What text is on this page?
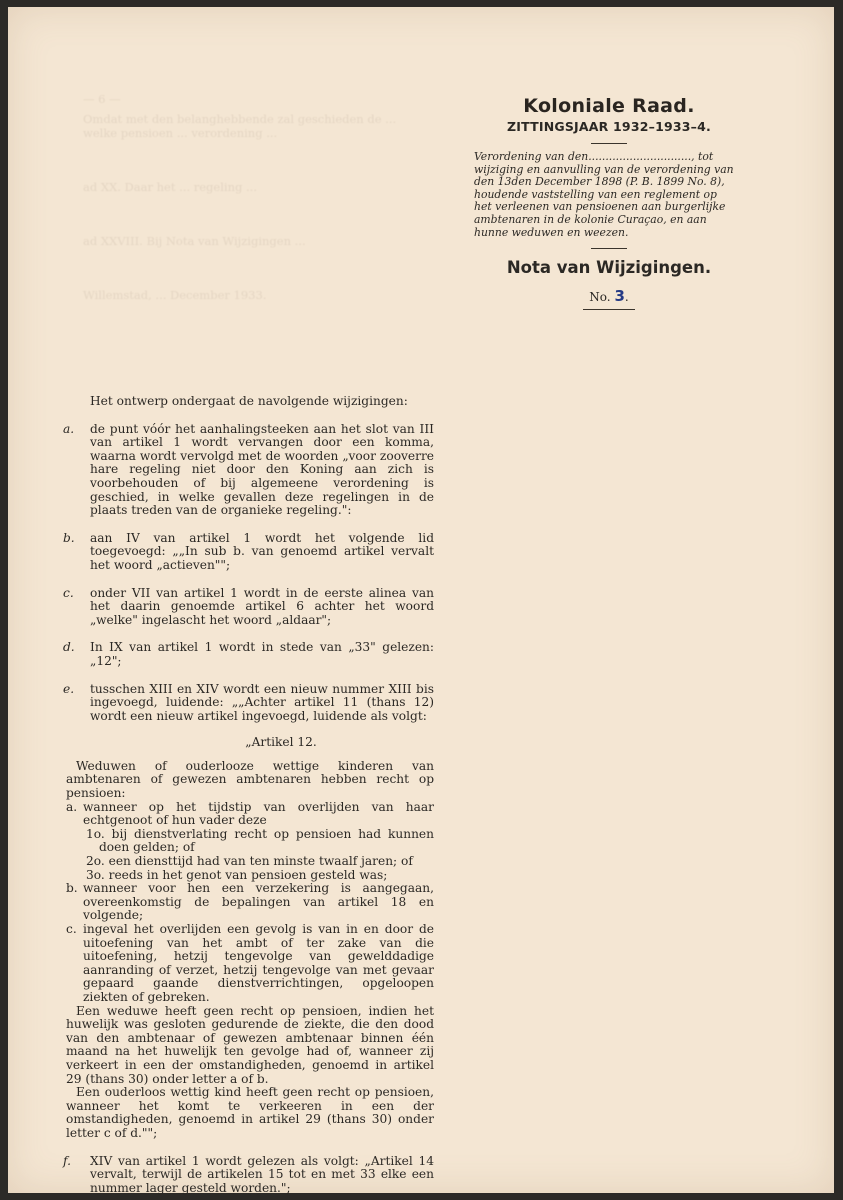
— 6 —

Omdat met den belanghebbende zal geschieden de ...

welke pensioen ... verordening ...

ad XX. Daar het ... regeling ...

ad XXVIII. Bij Nota van Wijzigingen ...

Willemstad, ... December 1933.

Koloniale Raad.
ZITTINGSJAAR 1932–1933–4.
Verordening van den.............................., tot wijziging en aanvulling van de verordening van den 13den December 1898 (P. B. 1899 No. 8), houdende vaststelling van een reglement op het verleenen van pensioenen aan burgerlijke ambtenaren in de kolonie Curaçao, en aan hunne weduwen en weezen.
Nota van Wijzigingen.
No. 3.
Het ontwerp ondergaat de navolgende wijzigingen:
a. de punt vóór het aanhalingsteeken aan het slot van III van artikel 1 wordt vervangen door een komma, waarna wordt vervolgd met de woorden „voor zooverre hare regeling niet door den Koning aan zich is voorbehouden of bij algemeene verordening is geschied, in welke gevallen deze regelingen in de plaats treden van de organieke regeling.":

b. aan IV van artikel 1 wordt het volgende lid toegevoegd: „„In sub b. van genoemd artikel vervalt het woord „actieven"";

c. onder VII van artikel 1 wordt in de eerste alinea van het daarin genoemde artikel 6 achter het woord „welke" ingelascht het woord „aldaar";

d. In IX van artikel 1 wordt in stede van „33" gelezen: „12";

e. tusschen XIII en XIV wordt een nieuw nummer XIII bis ingevoegd, luidende: „„Achter artikel 11 (thans 12) wordt een nieuw artikel ingevoegd, luidende als volgt:

„Artikel 12.

Weduwen of ouderlooze wettige kinderen van ambtenaren of gewezen ambtenaren hebben recht op pensioen:

a. wanneer op het tijdstip van overlijden van haar echtgenoot of hun vader deze

1o. bij dienstverlating recht op pensioen had kunnen doen gelden; of

2o. een diensttijd had van ten minste twaalf jaren; of

3o. reeds in het genot van pensioen gesteld was;

b. wanneer voor hen een verzekering is aangegaan, overeenkomstig de bepalingen van artikel 18 en volgende;
c. ingeval het overlijden een gevolg is van in en door de uitoefening van het ambt of ter zake van die uitoefening, hetzij tengevolge van gewelddadige aanranding of verzet, hetzij tengevolge van met gevaar gepaard gaande dienstverrichtingen, opgeloopen ziekten of gebreken.

Een weduwe heeft geen recht op pensioen, indien het huwelijk was gesloten gedurende de ziekte, die den dood van den ambtenaar of gewezen ambtenaar binnen één maand na het huwelijk ten gevolge had of, wanneer zij verkeert in een der omstandigheden, genoemd in artikel 29 (thans 30) onder letter a of b.

Een ouderloos wettig kind heeft geen recht op pensioen, wanneer het komt te verkeeren in een der omstandigheden, genoemd in artikel 29 (thans 30) onder letter c of d."";

f. XIV van artikel 1 wordt gelezen als volgt: „Artikel 14 vervalt, terwijl de artikelen 15 tot en met 33 elke een nummer lager gesteld worden.";
